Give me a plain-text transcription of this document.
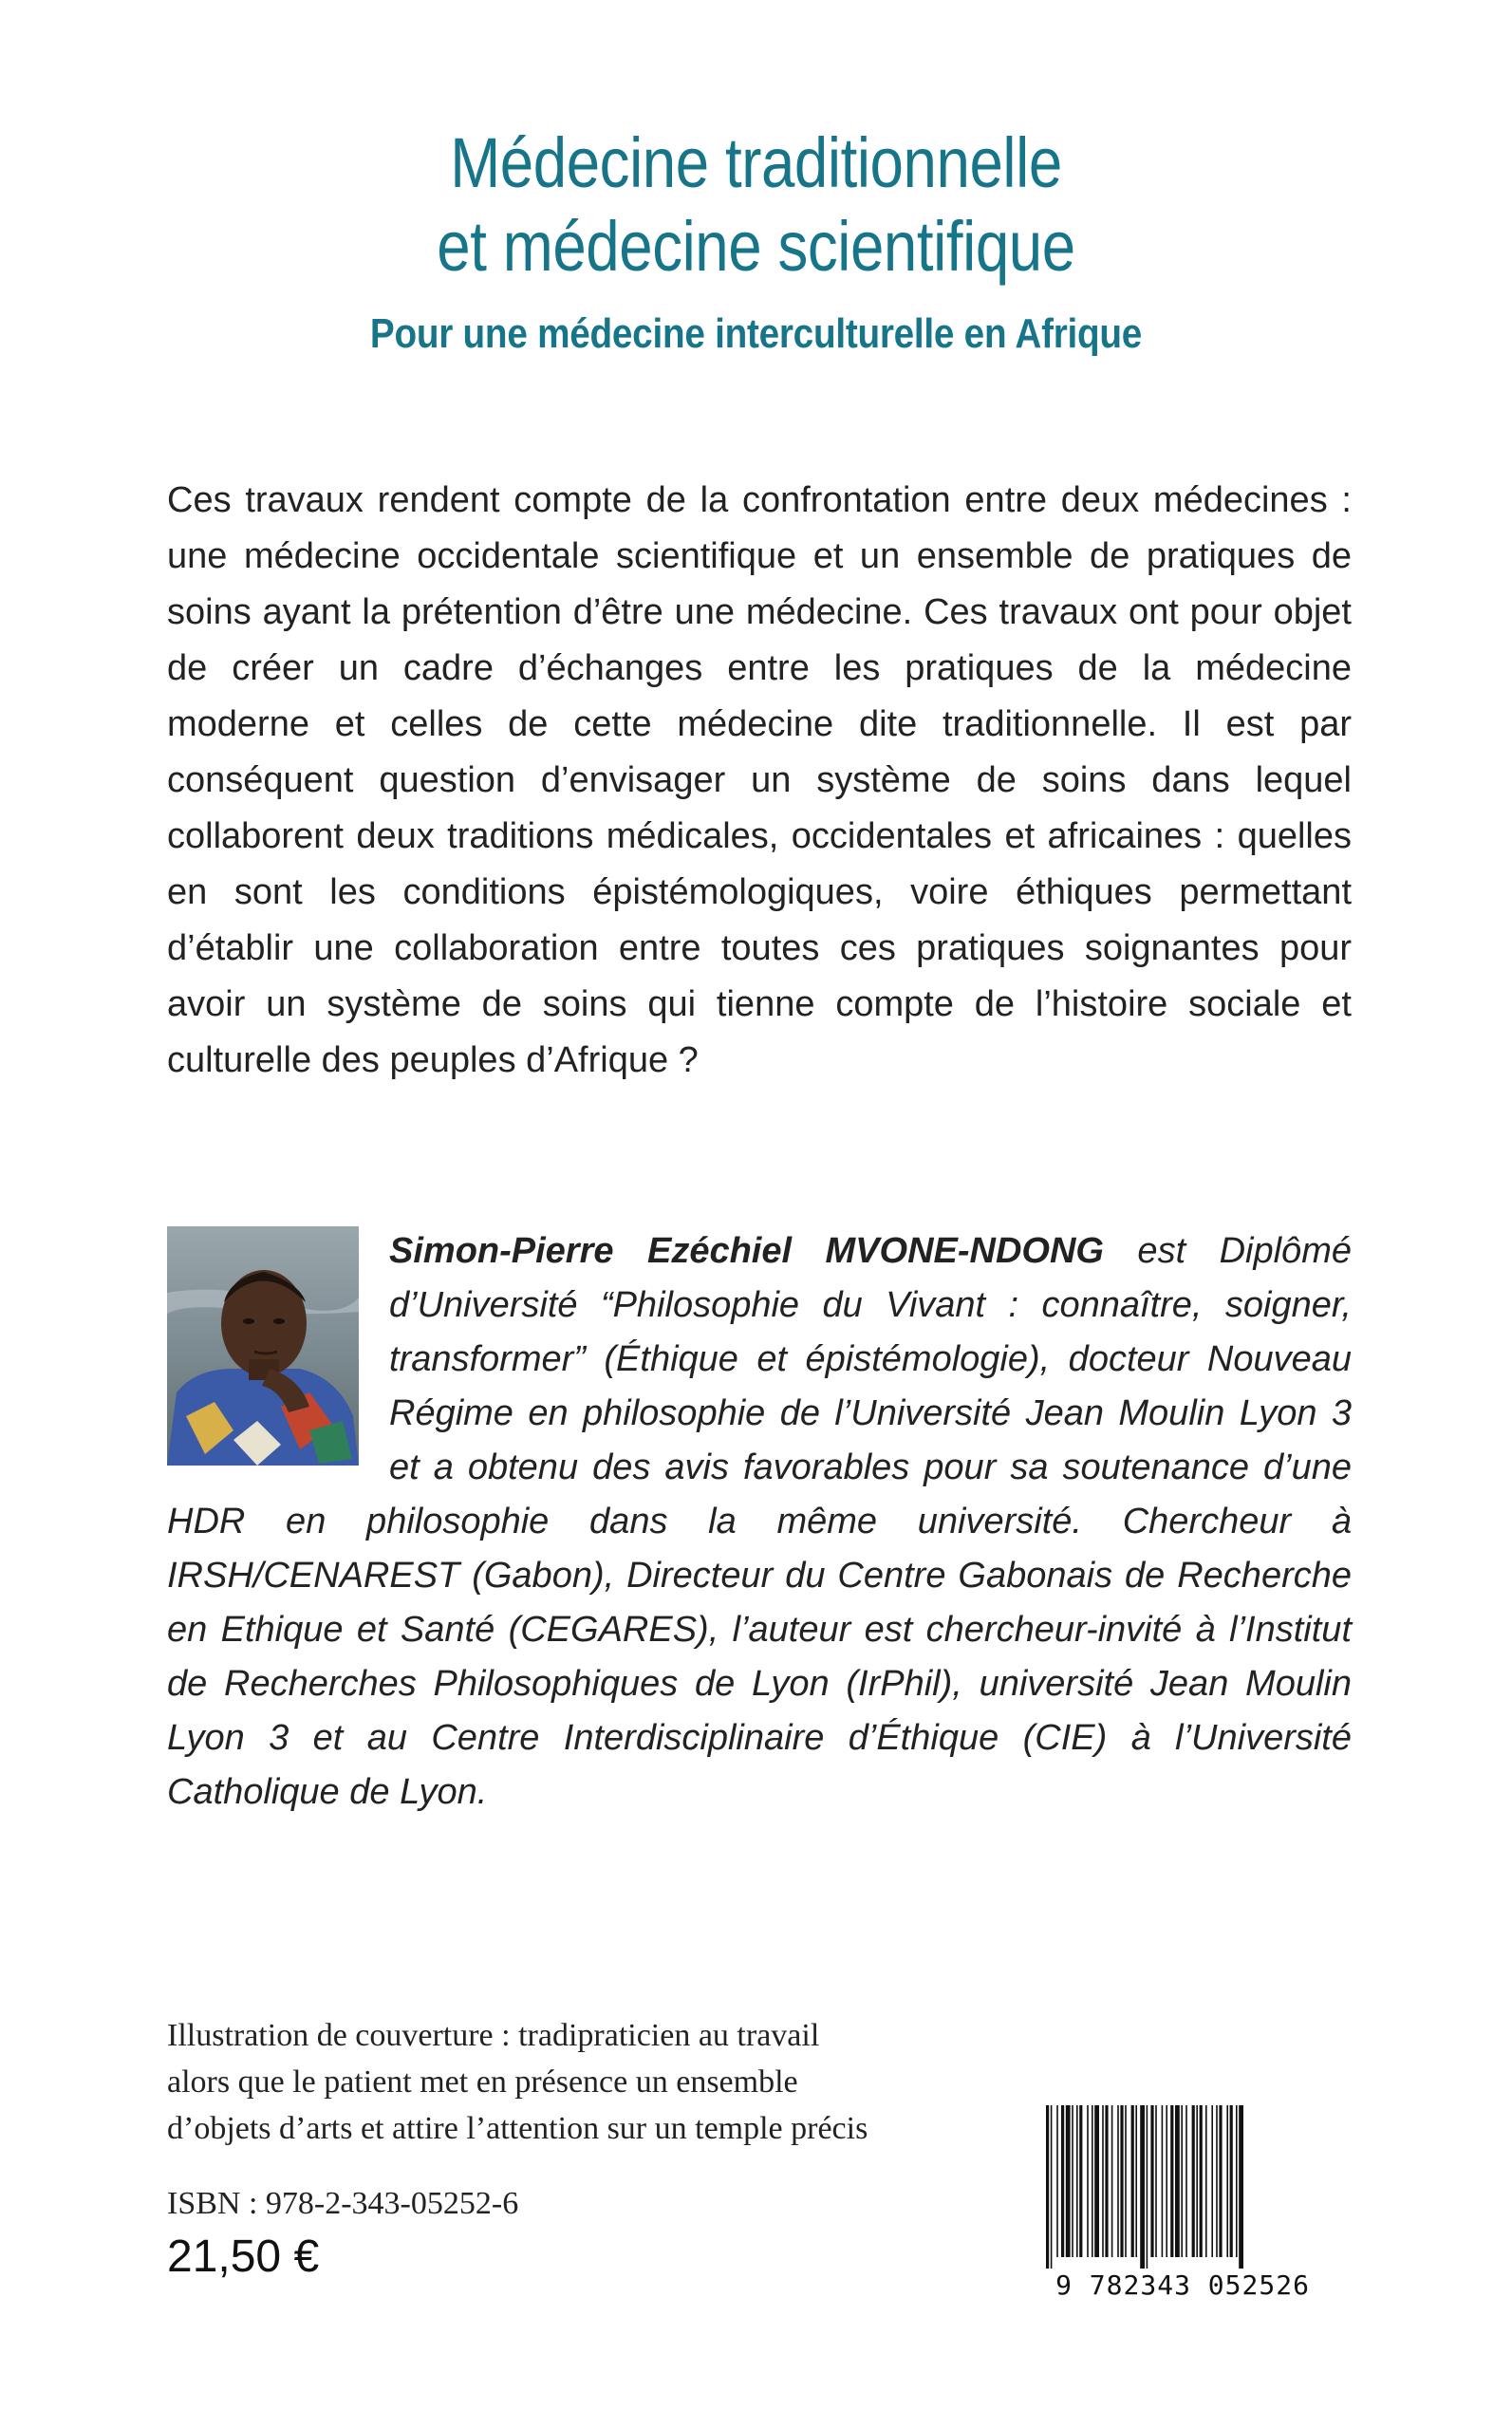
Médecine traditionnelle
et médecine scientifique
Pour une médecine interculturelle en Afrique

Ces travaux rendent compte de la confrontation entre deux médecines : une médecine occidentale scientifique et un ensemble de pratiques de soins ayant la prétention d’être une médecine. Ces travaux ont pour objet de créer un cadre d’échanges entre les pratiques de la médecine moderne et celles de cette médecine dite traditionnelle. Il est par conséquent question d’envisager un système de soins dans lequel collaborent deux traditions médicales, occidentales et africaines : quelles en sont les conditions épistémologiques, voire éthiques permettant d’établir une collaboration entre toutes ces pratiques soignantes pour avoir un système de soins qui tienne compte de l’histoire sociale et culturelle des peuples d’Afrique ?

Simon-Pierre Ezéchiel MVONE-NDONG est Diplômé d’Université “Philosophie du Vivant : connaître, soigner, transformer” (Éthique et épistémologie), docteur Nouveau Régime en philosophie de l’Université Jean Moulin Lyon 3 et a obtenu des avis favorables pour sa soutenance d’une HDR en philosophie dans la même université. Chercheur à IRSH/CENAREST (Gabon), Directeur du Centre Gabonais de Recherche en Ethique et Santé (CEGARES), l’auteur est chercheur-invité à l’Institut de Recherches Philosophiques de Lyon (IrPhil), université Jean Moulin Lyon 3 et au Centre Interdisciplinaire d’Éthique (CIE) à l’Université Catholique de Lyon.

Illustration de couverture : tradipraticien au travail
alors que le patient met en présence un ensemble
d’objets d’arts et attire l’attention sur un temple précis
ISBN : 978-2-343-05252-6
21,50 €
9 782343 052526
